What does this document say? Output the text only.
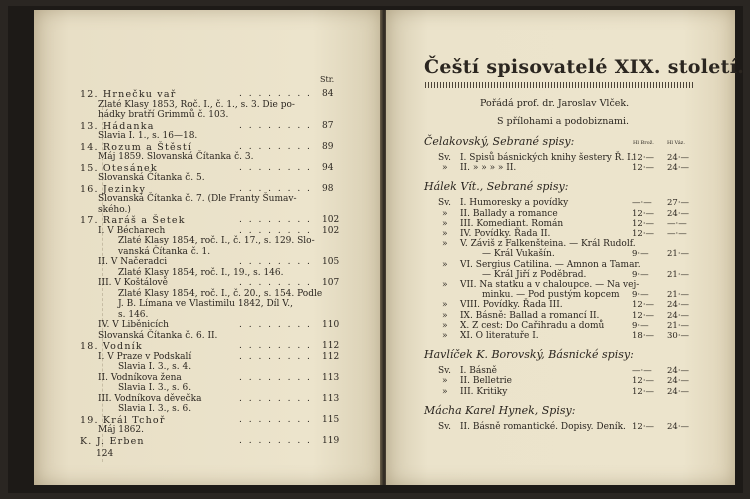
Str.
12. Hrnečku vař	. . . . . . . . 84
Zlaté Klasy 1853, Roč. I., č. 1., s. 3. Die po-
hádky bratří Grimmů č. 103.
13. Hádanka	. . . . . . . . 87
Slavia I. 1., s. 16—18.
14. Rozum a Štěstí	. . . . . . . . 89
Máj 1859. Slovanská Čítanka č. 3.
15. Otesánek	. . . . . . . . 94
Slovanská Čítanka č. 5.
16. Jezinky	. . . . . . . . 98
Slovanská Čítanka č. 7. (Dle Franty Šumav-
ského.)
17. Raráš a Šetek	. . . . . . . . 102
I. V Bécharech	. . . . . . . . 102
Zlaté Klasy 1854, roč. I., č. 17., s. 129. Slo-
vanská Čítanka č. 1.
II. V Načeradci	. . . . . . . . 105
Zlaté Klasy 1854, roč. I., 19., s. 146.
III. V Koštálově	. . . . . . . . 107
Zlaté Klasy 1854, roč. I., č. 20., s. 154. Podle
J. B. Límana ve Vlastimilu 1842, Díl V.,
s. 146.
IV. V Liběnicích	. . . . . . . . 110
Slovanská Čítanka č. 6. II.
18. Vodník	. . . . . . . . 112
I. V Praze v Podskalí	. . . . . . . . 112
Slavia I. 3., s. 4.
II. Vodníkova žena	. . . . . . . . 113
Slavia I. 3., s. 6.
III. Vodníkova děvečka	. . . . . . . . 113
Slavia I. 3., s. 6.
19. Král Tchoř	. . . . . . . . 115
Máj 1862.
K. J. Erben	. . . . . . . . 119
124
Čeští spisovatelé XIX. století.
Pořádá prof. dr. Jaroslav Vlček.
S přílohami a podobiznami.
Hl Brož.	Hl Váz.
Čelakovský, Sebrané spisy:
Sv. I. Spisů básnických knihy šestery Ř. I.
12·— 24·—
» II. » » » » II.	12·— 24·—
Hálek Vít., Sebrané spisy:
Sv. I. Humoresky a povídky	—·— 27·—
» II. Ballady a romance	12·— 24·—
» III. Komediant. Román	12·— —·—
» IV. Povídky. Řada II.	12·— —·—
» V. Záviš z Falkenšteina. — Král Rudolf.
— Král Vukašín.	9·— 21·—
» VI. Sergius Catilina. — Amnon a Tamar.
— Král Jiří z Poděbrad.	9·— 21·—
» VII. Na statku a v chaloupce. — Na vej-
minku. — Pod pustým kopcem 9·— 21·—
» VIII. Povídky. Řada III.	12·— 24·—
» IX. Básně: Ballad a romancí II.	12·— 24·—
» X. Z cest: Do Cařihradu a domů	9·— 21·—
» XI. O literatuře I.	18·— 30·—
Havlíček K. Borovský, Básnické spisy:
Sv. I. Básně	—·— 24·—
» II. Belletrie	12·— 24·—
» III. Kritiky	12·— 24·—
Mácha Karel Hynek, Spisy:
Sv. II. Básně romantické. Dopisy. Deník. 12·— 24·—
